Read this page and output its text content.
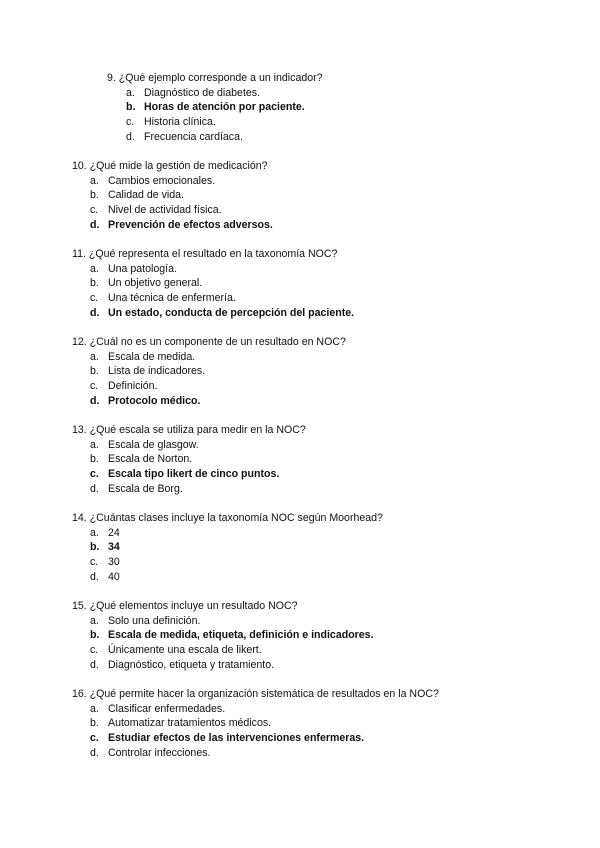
9. ¿Qué ejemplo corresponde a un indicador?
a. Diagnóstico de diabetes.
b. Horas de atención por paciente.
c. Historia clínica.
d. Frecuencia cardíaca.
10. ¿Qué mide la gestión de medicación?
a. Cambios emocionales.
b. Calidad de vida.
c. Nivel de actividad física.
d. Prevención de efectos adversos.
11. ¿Qué representa el resultado en la taxonomía NOC?
a. Una patología.
b. Un objetivo general.
c. Una técnica de enfermería.
d. Un estado, conducta de percepción del paciente.
12. ¿Cuál no es un componente de un resultado en NOC?
a. Escala de medida.
b. Lista de indicadores.
c. Definición.
d. Protocolo médico.
13. ¿Qué escala se utiliza para medir en la NOC?
a. Escala de glasgow.
b. Escala de Norton.
c. Escala tipo likert de cinco puntos.
d. Escala de Borg.
14. ¿Cuántas clases incluye la taxonomía NOC según Moorhead?
a. 24
b. 34
c. 30
d. 40
15. ¿Qué elementos incluye un resultado NOC?
a. Solo una definición.
b. Escala de medida, etiqueta, definición e indicadores.
c. Únicamente una escala de likert.
d. Diagnóstico, etiqueta y tratamiento.
16. ¿Qué permite hacer la organización sistemática de resultados en la NOC?
a. Clasificar enfermedades.
b. Automatizar tratamientos médicos.
c. Estudiar efectos de las intervenciones enfermeras.
d. Controlar infecciones.
